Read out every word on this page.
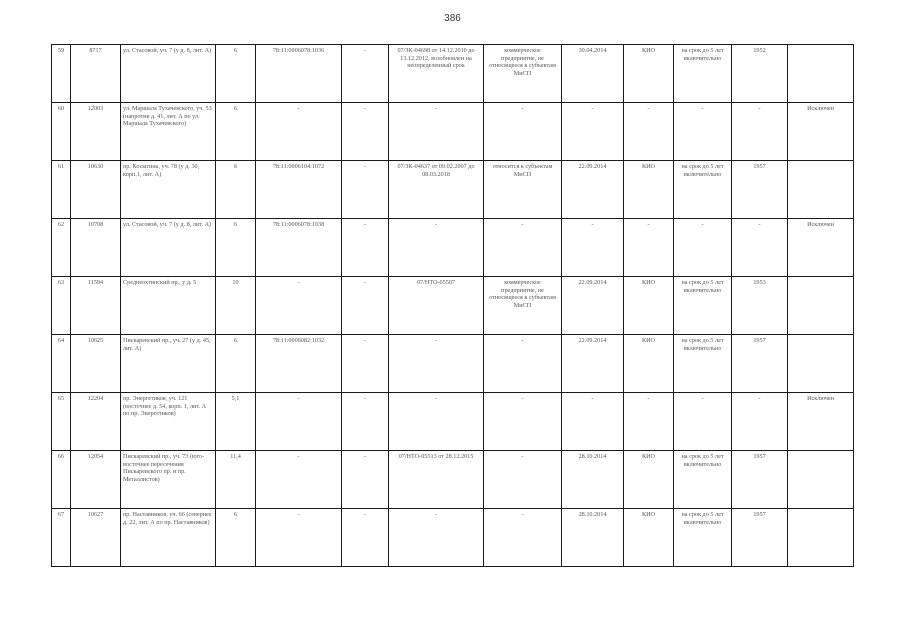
386
59	8717	ул. Стасовой, уч. 7 (у д. 8, лит. А)	6	78:11:0006078:1036	-	07/ЗК-04698 от 14.12.2010 до 13.12.2012, возобновлен на неопределенный срок	коммерческое предприятие, не относящееся к субъектам МиСП	30.04.2014	КИО	на срок до 5 лет включительно	1952	
60	12003	ул. Маршала Тухачевского, уч. 53 (напротив д. 41, лит. А по ул. Маршала Тухачевского)	6	-	-	-	-	-	-	-	-	Исключен
61	10630	пр. Косыгина, уч. 78 (у д. 30, корп.1, лит. А)	6	78:11:0006104:1072	-	07/ЗК-04637 от 09.02.2007 до 08.03.2018	относится к субъектам МиСП	22.09.2014	КИО	на срок до 5 лет включительно	1957	
62	10708	ул. Стасовой, уч. 7 (у д. 8, лит. А)	6	78:11:0006078:1038	-	-	-	-	-	-	-	Исключен
63	11594	Среднеохтинский пр., у д. 5	10	-	-	07/НТО-05507	коммерческое предприятие, не относящееся к субъектам МиСП	22.09.2014	КИО	на срок до 5 лет включительно	1953	
64	10625	Пискаревский пр., уч. 27 (у д. 45, лит. А)	6	78:11:0006082:1032	-	-	-	22.09.2014	КИО	на срок до 5 лет включительно	1957	
65	12204	пр. Энергетиков, уч. 121 (восточнее д. 54, корп. 1, лит. А по пр. Энергетиков)	5,1	-	-	-	-	-	-	-	-	Исключен
66	12054	Пискаревский пр., уч. 73 (юго-восточнее пересечения Пискаревского пр. и пр. Металлистов)	11,4	-	-	07/НТО-05513 от 28.12.2015	-	28.10.2014	КИО	на срок до 5 лет включительно	1957	
67	10627	пр. Наставников, уч. 66 (севернее д. 22, лит. А по пр. Наставников)	6	-	-	-	-	28.10.2014	КИО	на срок до 5 лет включительно	1957	
